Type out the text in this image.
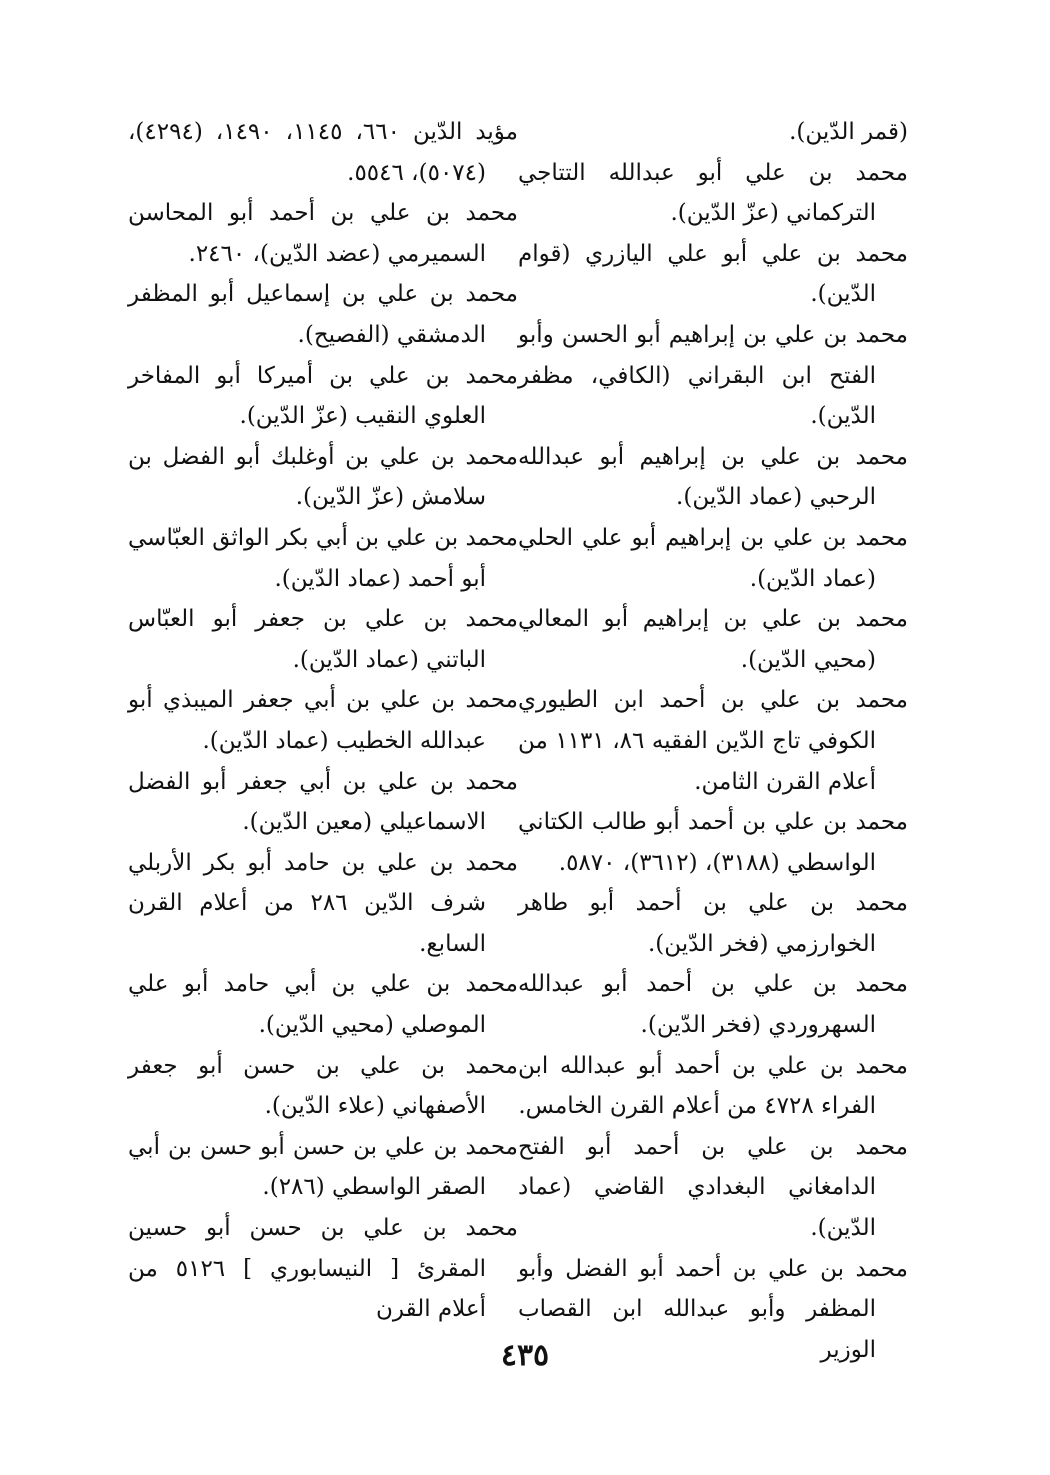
(قمر الدّين).

محمد بن علي أبو عبدالله التتاجي التركماني (عزّ الدّين).

محمد بن علي أبو علي اليازري (قوام الدّين).

محمد بن علي بن إبراهيم أبو الحسن وأبو الفتح ابن البقراني (الكافي، مظفر الدّين).

محمد بن علي بن إبراهيم أبو عبدالله الرحبي (عماد الدّين).

محمد بن علي بن إبراهيم أبو علي الحلي (عماد الدّين).

محمد بن علي بن إبراهيم أبو المعالي (محيي الدّين).

محمد بن علي بن أحمد ابن الطيوري الكوفي تاج الدّين الفقيه ٨٦، ١١٣١ من أعلام القرن الثامن.

محمد بن علي بن أحمد أبو طالب الكتاني الواسطي (٣١٨٨)، (٣٦١٢)، ٥٨٧٠.

محمد بن علي بن أحمد أبو طاهر الخوارزمي (فخر الدّين).

محمد بن علي بن أحمد أبو عبدالله السهروردي (فخر الدّين).

محمد بن علي بن أحمد أبو عبدالله ابن الفراء ٤٧٢٨ من أعلام القرن الخامس.

محمد بن علي بن أحمد أبو الفتح الدامغاني البغدادي القاضي (عماد الدّين).

محمد بن علي بن أحمد أبو الفضل وأبو المظفر وأبو عبدالله ابن القصاب الوزير

مؤيد الدّين ٦٦٠، ١١٤٥، ١٤٩٠، (٤٢٩٤)، (٥٠٧٤)، ٥٥٤٦.

محمد بن علي بن أحمد أبو المحاسن السميرمي (عضد الدّين)، ٢٤٦٠.

محمد بن علي بن إسماعيل أبو المظفر الدمشقي (الفصيح).

محمد بن علي بن أميركا أبو المفاخر العلوي النقيب (عزّ الدّين).

محمد بن علي بن أوغلبك أبو الفضل بن سلامش (عزّ الدّين).

محمد بن علي بن أبي بكر الواثق العبّاسي أبو أحمد (عماد الدّين).

محمد بن علي بن جعفر أبو العبّاس الباتني (عماد الدّين).

محمد بن علي بن أبي جعفر الميبذي أبو عبدالله الخطيب (عماد الدّين).

محمد بن علي بن أبي جعفر أبو الفضل الاسماعيلي (معين الدّين).

محمد بن علي بن حامد أبو بكر الأربلي شرف الدّين ٢٨٦ من أعلام القرن السابع.

محمد بن علي بن أبي حامد أبو علي الموصلي (محيي الدّين).

محمد بن علي بن حسن أبو جعفر الأصفهاني (علاء الدّين).

محمد بن علي بن حسن أبو حسن بن أبي الصقر الواسطي (٢٨٦).

محمد بن علي بن حسن أبو حسين المقرئ [ النيسابوري ] ٥١٢٦ من أعلام القرن

٤٣٥
